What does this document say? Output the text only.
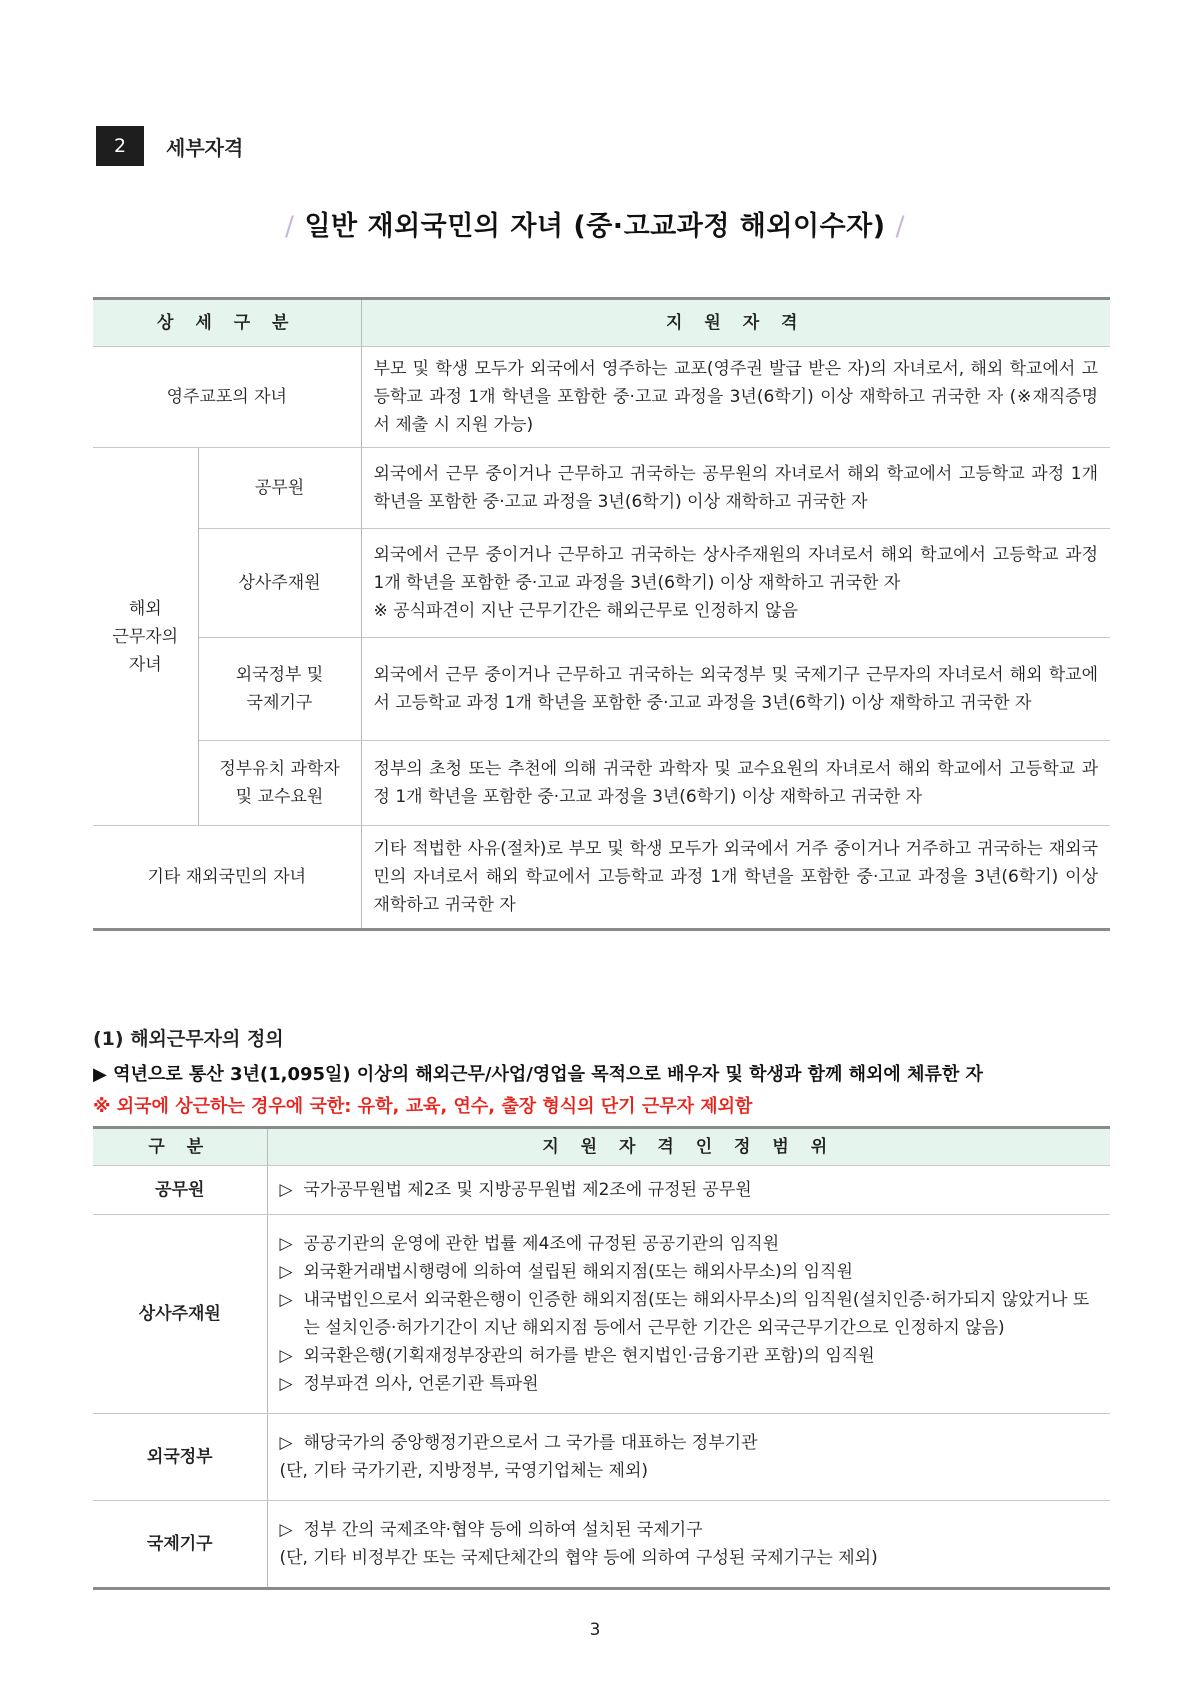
2	세부자격
/ 일반 재외국민의 자녀 (중·고교과정 해외이수자) /
상 세 구 분		지 원 자 격
영주교포의 자녀		부모 및 학생 모두가 외국에서 영주하는 교포(영주권 발급 받은 자)의 자녀로서, 해외 학교에서 고등학교 과정 1개 학년을 포함한 중·고교 과정을 3년(6학기) 이상 재학하고 귀국한 자 (※재직증명서 제출 시 지원 가능)

해외
근무자의
자녀	공무원	외국에서 근무 중이거나 근무하고 귀국하는 공무원의 자녀로서 해외 학교에서 고등학교 과정 1개 학년을 포함한 중·고교 과정을 3년(6학기) 이상 재학하고 귀국한 자

	상사주재원	외국에서 근무 중이거나 근무하고 귀국하는 상사주재원의 자녀로서 해외 학교에서 고등학교 과정 1개 학년을 포함한 중·고교 과정을 3년(6학기) 이상 재학하고 귀국한 자
※ 공식파견이 지난 근무기간은 해외근무로 인정하지 않음

	외국정부 및
국제기구	외국에서 근무 중이거나 근무하고 귀국하는 외국정부 및 국제기구 근무자의 자녀로서 해외 학교에서 고등학교 과정 1개 학년을 포함한 중·고교 과정을 3년(6학기) 이상 재학하고 귀국한 자

	정부유치 과학자
및 교수요원	정부의 초청 또는 추천에 의해 귀국한 과학자 및 교수요원의 자녀로서 해외 학교에서 고등학교 과정 1개 학년을 포함한 중·고교 과정을 3년(6학기) 이상 재학하고 귀국한 자
기타 재외국민의 자녀		기타 적법한 사유(절차)로 부모 및 학생 모두가 외국에서 거주 중이거나 거주하고 귀국하는 재외국민의 자녀로서 해외 학교에서 고등학교 과정 1개 학년을 포함한 중·고교 과정을 3년(6학기) 이상 재학하고 귀국한 자
(1) 해외근무자의 정의
▶ 역년으로 통산 3년(1,095일) 이상의 해외근무/사업/영업을 목적으로 배우자 및 학생과 함께 해외에 체류한 자
※ 외국에 상근하는 경우에 국한: 유학, 교육, 연수, 출장 형식의 단기 근무자 제외함
구 분	지 원 자 격 인 정 범 위
공무원	▷ 국가공무원법 제2조 및 지방공무원법 제2조에 규정된 공무원

상사주재원	▷ 공공기관의 운영에 관한 법률 제4조에 규정된 공공기관의 임직원
▷ 외국환거래법시행령에 의하여 설립된 해외지점(또는 해외사무소)의 임직원
▷ 내국법인으로서 외국환은행이 인증한 해외지점(또는 해외사무소)의 임직원(설치인증·허가되지 않았거나 또는 설치인증·허가기간이 지난 해외지점 등에서 근무한 기간은 외국근무기간으로 인정하지 않음)
▷ 외국환은행(기획재정부장관의 허가를 받은 현지법인·금융기관 포함)의 임직원
▷ 정부파견 의사, 언론기관 특파원

외국정부	▷ 해당국가의 중앙행정기관으로서 그 국가를 대표하는 정부기관
(단, 기타 국가기관, 지방정부, 국영기업체는 제외)

국제기구	▷ 정부 간의 국제조약·협약 등에 의하여 설치된 국제기구
(단, 기타 비정부간 또는 국제단체간의 협약 등에 의하여 구성된 국제기구는 제외)
3
